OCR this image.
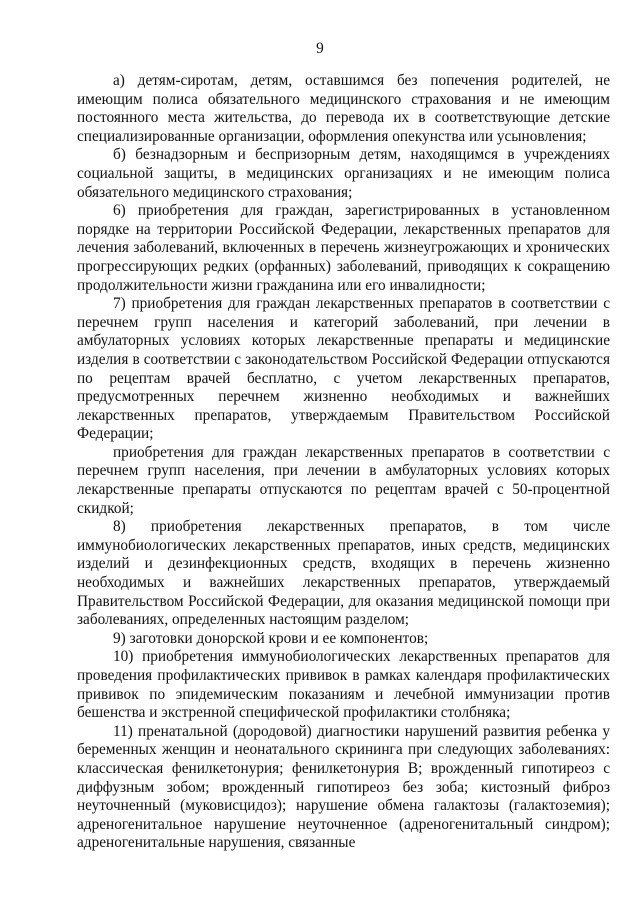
9

а) детям-сиротам, детям, оставшимся без попечения родителей, не имеющим полиса обязательного медицинского страхования и не имеющим постоянного места жительства, до перевода их в соответствующие детские специализированные организации, оформления опекунства или усыновления;

б) безнадзорным и беспризорным детям, находящимся в учреждениях социальной защиты, в медицинских организациях и не имеющим полиса обязательного медицинского страхования;

6) приобретения для граждан, зарегистрированных в установленном порядке на территории Российской Федерации, лекарственных препаратов для лечения заболеваний, включенных в перечень жизнеугрожающих и хронических прогрессирующих редких (орфанных) заболеваний, приводящих к сокращению продолжительности жизни гражданина или его инвалидности;

7) приобретения для граждан лекарственных препаратов в соответствии с перечнем групп населения и категорий заболеваний, при лечении в амбулаторных условиях которых лекарственные препараты и медицинские изделия в соответствии с законодательством Российской Федерации отпускаются по рецептам врачей бесплатно, с учетом лекарственных препаратов, предусмотренных перечнем жизненно необходимых и важнейших лекарственных препаратов, утверждаемым Правительством Российской Федерации;

приобретения для граждан лекарственных препаратов в соответствии с перечнем групп населения, при лечении в амбулаторных условиях которых лекарственные препараты отпускаются по рецептам врачей с 50-процентной скидкой;

8) приобретения лекарственных препаратов, в том числе иммунобиологических лекарственных препаратов, иных средств, медицинских изделий и дезинфекционных средств, входящих в перечень жизненно необходимых и важнейших лекарственных препаратов, утверждаемый Правительством Российской Федерации, для оказания медицинской помощи при заболеваниях, определенных настоящим разделом;

9) заготовки донорской крови и ее компонентов;

10) приобретения иммунобиологических лекарственных препаратов для проведения профилактических прививок в рамках календаря профилактических прививок по эпидемическим показаниям и лечебной иммунизации против бешенства и экстренной специфической профилактики столбняка;

11) пренатальной (дородовой) диагностики нарушений развития ребенка у беременных женщин и неонатального скрининга при следующих заболеваниях: классическая фенилкетонурия; фенилкетонурия В; врожденный гипотиреоз с диффузным зобом; врожденный гипотиреоз без зоба; кистозный фиброз неуточненный (муковисцидоз); нарушение обмена галактозы (галактоземия); адреногенитальное нарушение неуточненное (адреногенитальный синдром); адреногенитальные нарушения, связанные
